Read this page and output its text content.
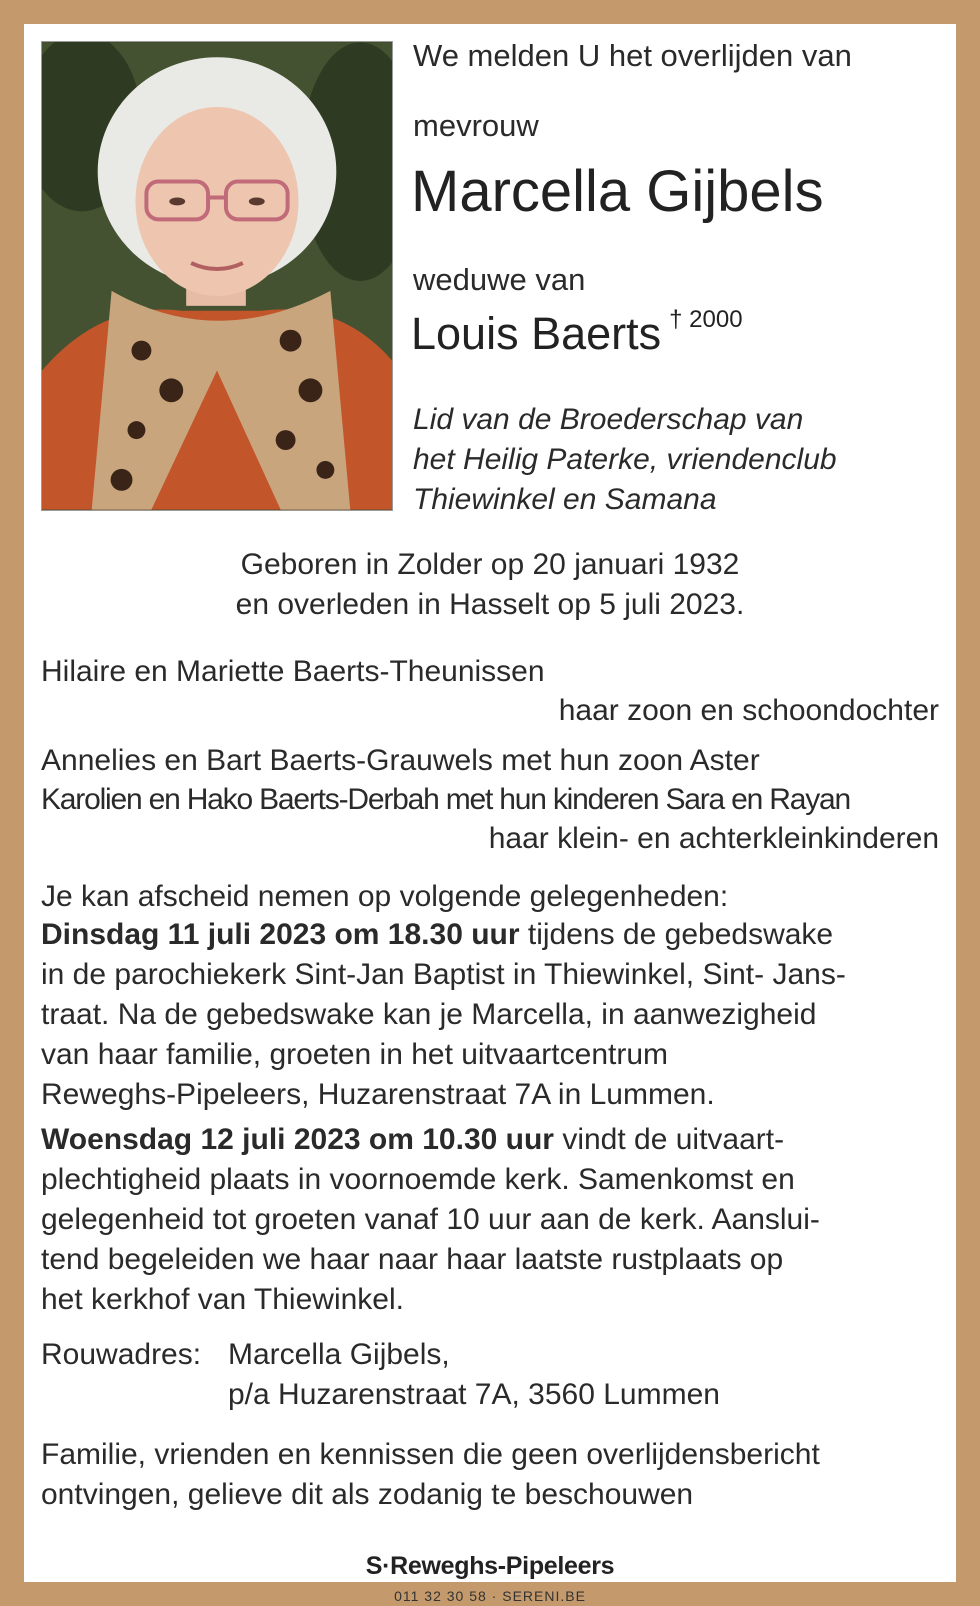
We melden U het overlijden van
mevrouw
Marcella Gijbels
weduwe van
Louis Baerts $^{\dagger 2000}$
Lid van de Broederschap van
het Heilig Paterke, vriendenclub
Thiewinkel en Samana
Geboren in Zolder op 20 januari 1932
en overleden in Hasselt op 5 juli 2023.
Hilaire en Mariette Baerts-Theunissen
haar zoon en schoondochter
Annelies en Bart Baerts-Grauwels met hun zoon Aster
Karolien en Hako Baerts-Derbah met hun kinderen Sara en Rayan
haar klein- en achterkleinkinderen
Je kan afscheid nemen op volgende gelegenheden:
Dinsdag 11 juli 2023 om 18.30 uur tijdens de gebedswake
in de parochiekerk Sint-Jan Baptist in Thiewinkel, Sint- Jans-
traat. Na de gebedswake kan je Marcella, in aanwezigheid
van haar familie, groeten in het uitvaartcentrum
Reweghs-Pipeleers, Huzarenstraat 7A in Lummen.
Woensdag 12 juli 2023 om 10.30 uur vindt de uitvaart-
plechtigheid plaats in voornoemde kerk. Samenkomst en
gelegenheid tot groeten vanaf 10 uur aan de kerk. Aanslui-
tend begeleiden we haar naar haar laatste rustplaats op
het kerkhof van Thiewinkel.
Rouwadres: Marcella Gijbels,
p/a Huzarenstraat 7A, 3560 Lummen
Familie, vrienden en kennissen die geen overlijdensbericht
ontvingen, gelieve dit als zodanig te beschouwen
S·Reweghs-Pipeleers
011 32 30 58 · SERENI.BE
